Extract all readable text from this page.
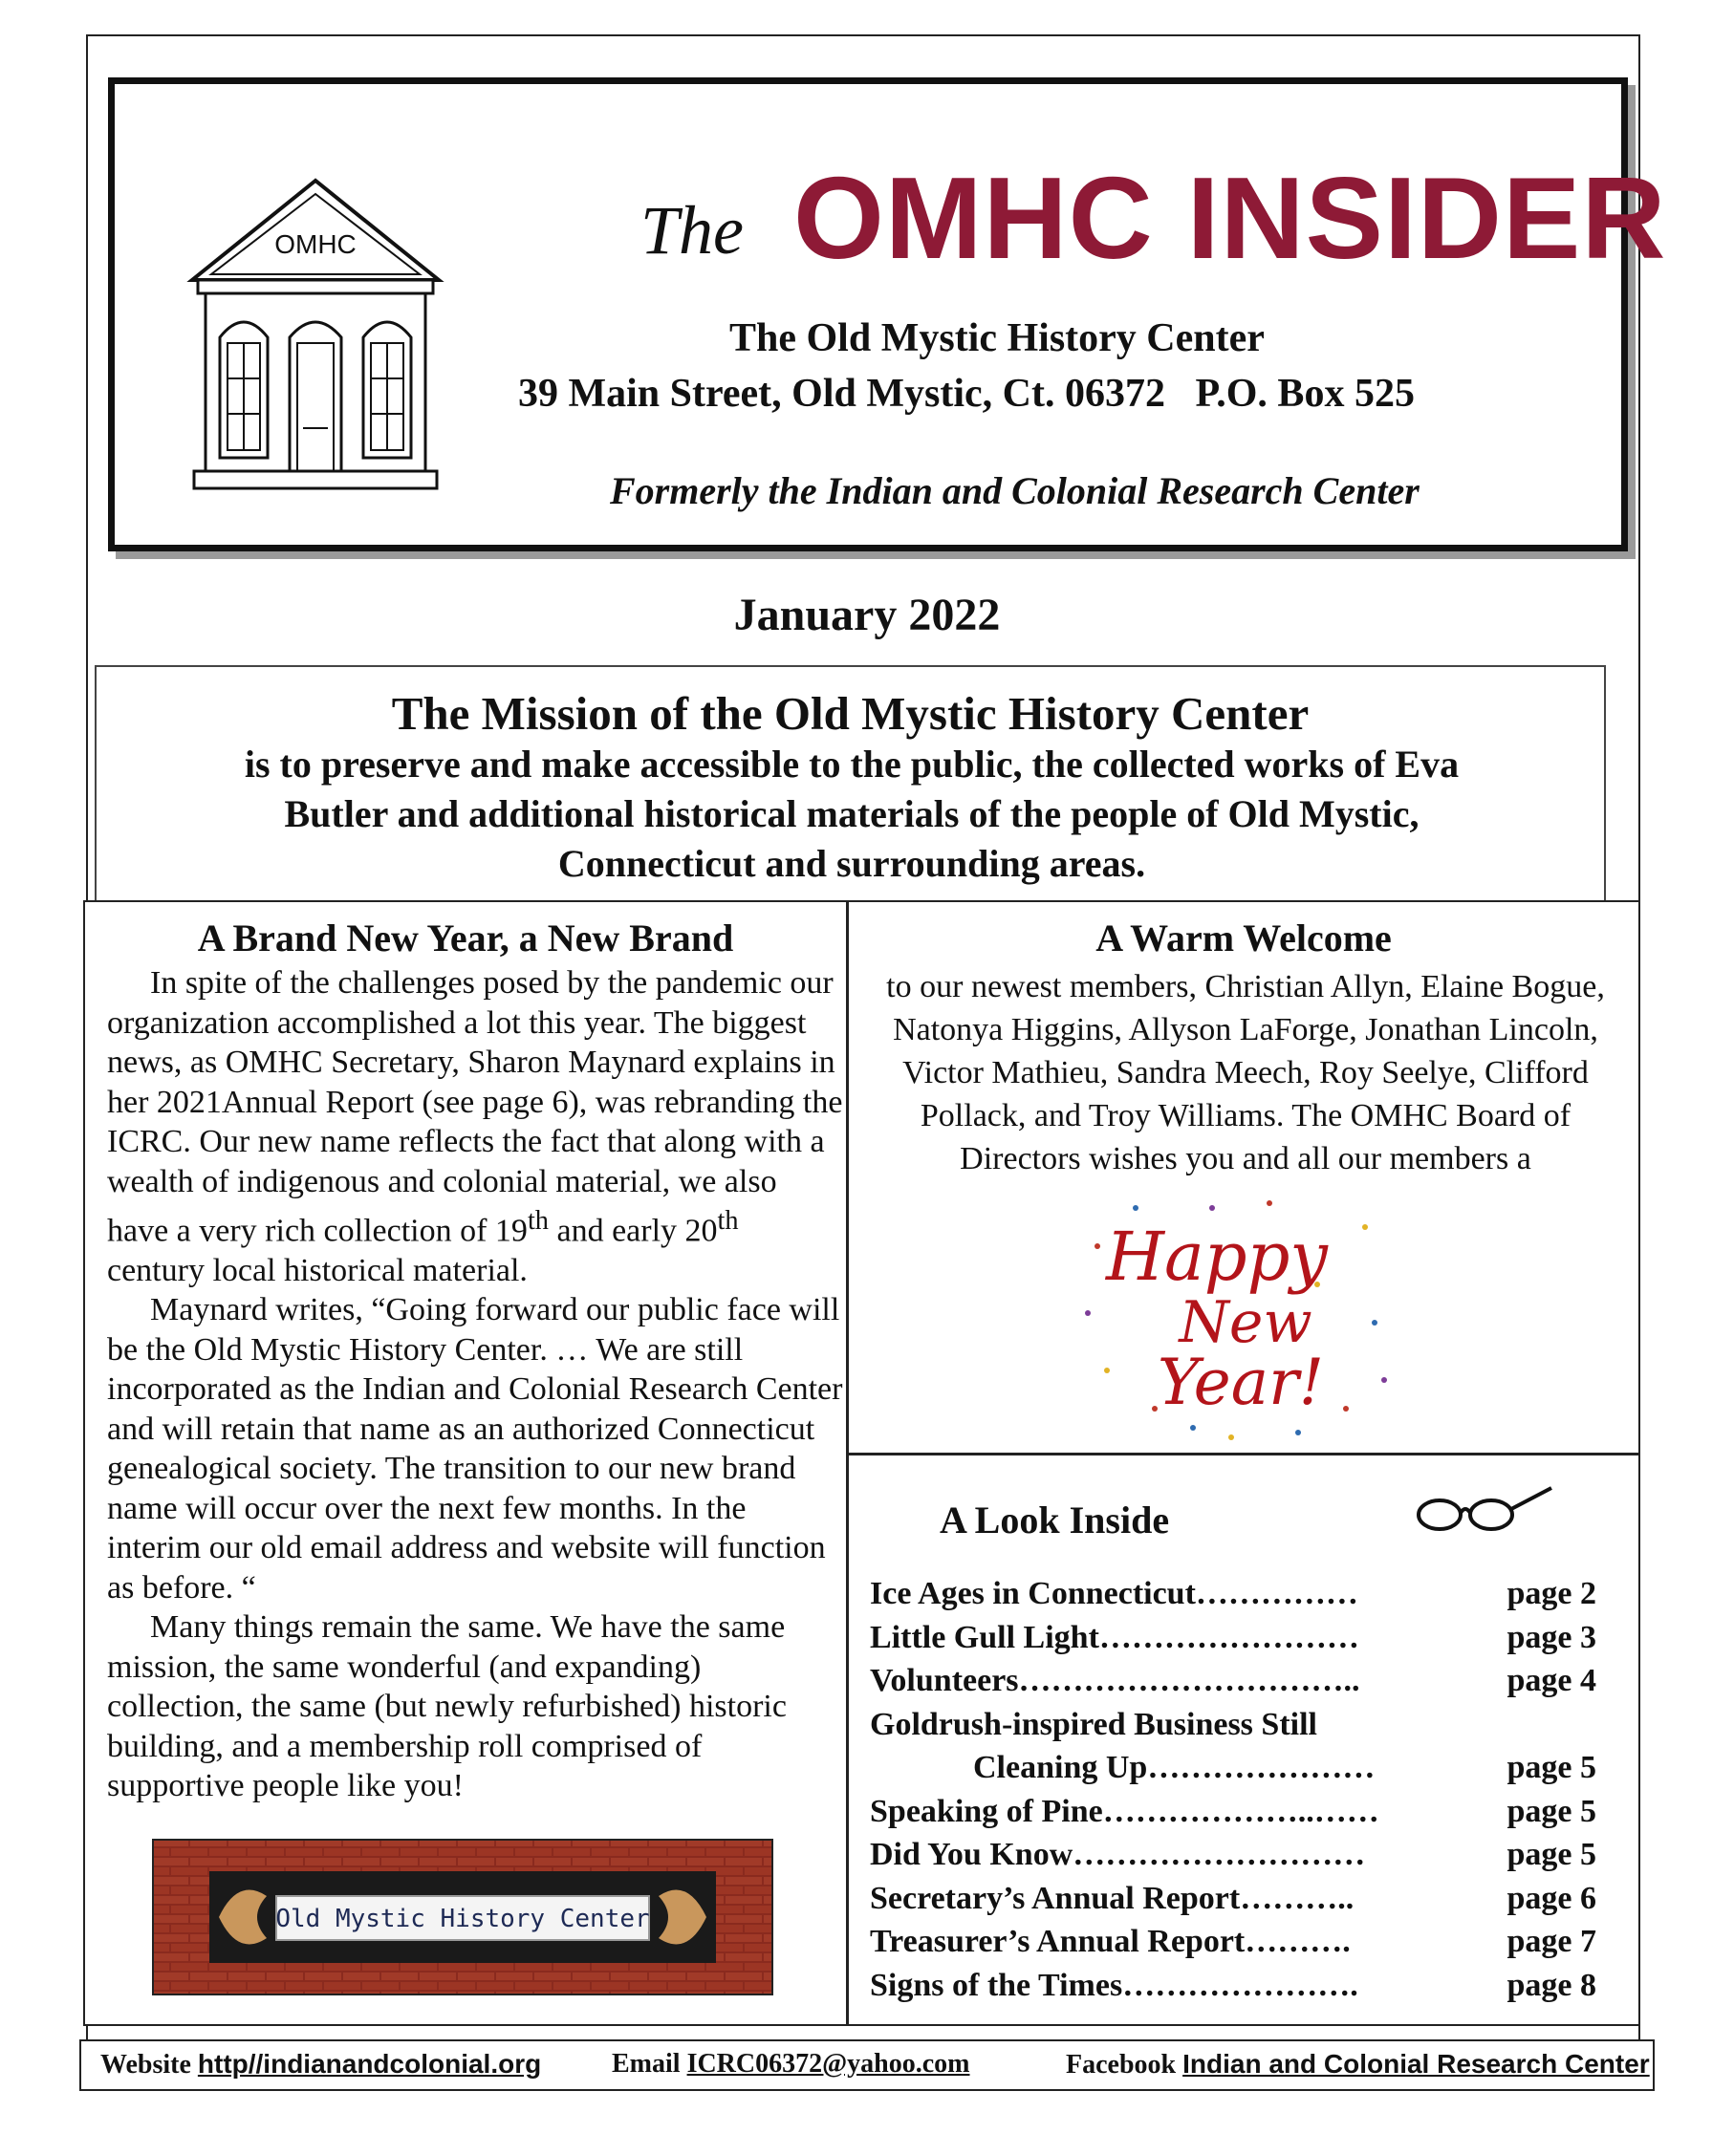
OMHC	The OMHC INSIDER
The Old Mystic History Center
39 Main Street, Old Mystic, Ct. 06372   P.O. Box 525
Formerly the Indian and Colonial Research Center
January 2022
The Mission of the Old Mystic History Center
is to preserve and make accessible to the public, the collected works of Eva Butler and additional historical materials of the people of Old Mystic, Connecticut and surrounding areas.
A Brand New Year, a New Brand

In spite of the challenges posed by the pandemic our organization accomplished a lot this year. The biggest news, as OMHC Secretary, Sharon Maynard explains in her 2021Annual Report (see page 6), was rebranding the ICRC. Our new name reflects the fact that along with a wealth of indigenous and colonial material, we also have a very rich collection of 19th and early 20th century local historical material.

Maynard writes, “Going forward our public face will be the Old Mystic History Center. … We are still incorporated as the Indian and Colonial Research Center and will retain that name as an authorized Connecticut genealogical society. The transition to our new brand name will occur over the next few months. In the interim our old email address and website will function as before. “

Many things remain the same. We have the same mission, the same wonderful (and expanding) collection, the same (but newly refurbished) historic building, and a membership roll comprised of supportive people like you!

Old Mystic History Center
A Warm Welcome
to our newest members, Christian Allyn, Elaine Bogue, Natonya Higgins, Allyson LaForge, Jonathan Lincoln, Victor Mathieu, Sandra Meech, Roy Seelye, Clifford Pollack, and Troy Williams. The OMHC Board of Directors wishes you and all our members a
Happy
New
Year!
A Look Inside
Ice Ages in Connecticut ……………	page 2
Little Gull Light ……………………	page 3
Volunteers …………………………..	page 4
Goldrush-inspired Business Still
Cleaning Up …………………	page 5
Speaking of Pine ………………..……	page 5
Did You Know ………………………	page 5
Secretary’s Annual Report ………..	page 6
Treasurer’s Annual Report ……….	page 7
Signs of the Times ………………….	page 8
Website http//indianandcolonial.org	Email ICRC06372@yahoo.com	Facebook Indian and Colonial Research Center
